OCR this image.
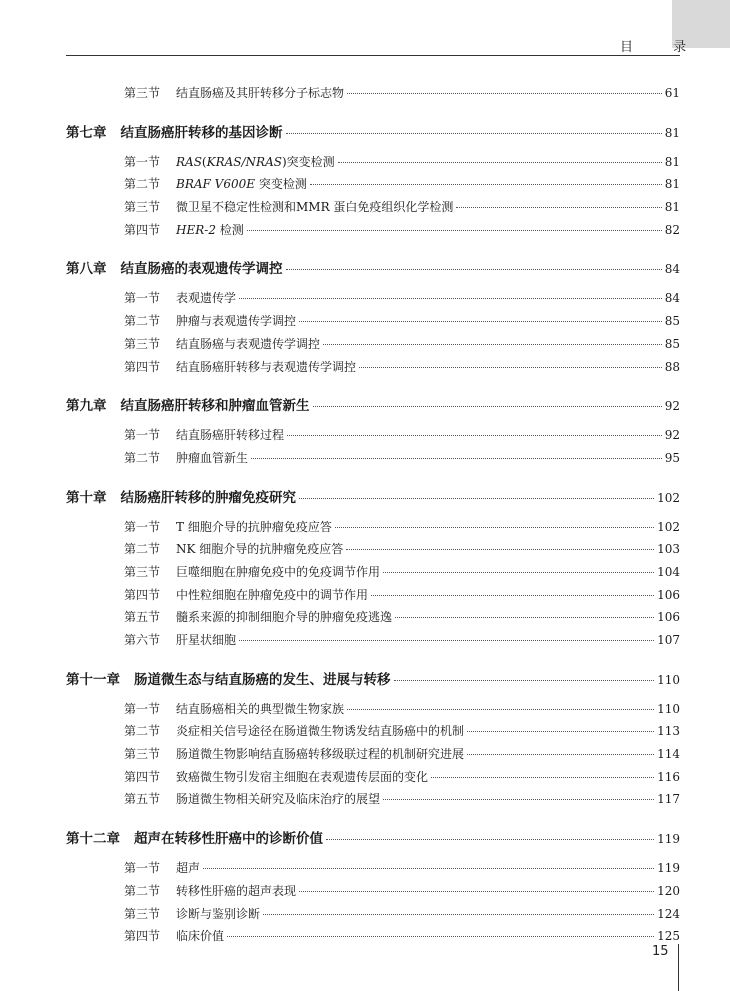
目 录
第三节	结直肠癌及其肝转移分子标志物	61
第七章 结直肠癌肝转移的基因诊断	81
第一节	RAS(KRAS/NRAS)突变检测	81
第二节	BRAF V600E 突变检测	81
第三节	微卫星不稳定性检测和MMR 蛋白免疫组织化学检测	81
第四节	HER-2 检测	82
第八章 结直肠癌的表观遗传学调控	84
第一节	表观遗传学	84
第二节	肿瘤与表观遗传学调控	85
第三节	结直肠癌与表观遗传学调控	85
第四节	结直肠癌肝转移与表观遗传学调控	88
第九章 结直肠癌肝转移和肿瘤血管新生	92
第一节	结直肠癌肝转移过程	92
第二节	肿瘤血管新生	95
第十章 结肠癌肝转移的肿瘤免疫研究	102
第一节	T 细胞介导的抗肿瘤免疫应答	102
第二节	NK 细胞介导的抗肿瘤免疫应答	103
第三节	巨噬细胞在肿瘤免疫中的免疫调节作用	104
第四节	中性粒细胞在肿瘤免疫中的调节作用	106
第五节	髓系来源的抑制细胞介导的肿瘤免疫逃逸	106
第六节	肝星状细胞	107
第十一章 肠道微生态与结直肠癌的发生、进展与转移	110
第一节	结直肠癌相关的典型微生物家族	110
第二节	炎症相关信号途径在肠道微生物诱发结直肠癌中的机制	113
第三节	肠道微生物影响结直肠癌转移级联过程的机制研究进展	114
第四节	致癌微生物引发宿主细胞在表观遗传层面的变化	116
第五节	肠道微生物相关研究及临床治疗的展望	117
第十二章 超声在转移性肝癌中的诊断价值	119
第一节	超声	119
第二节	转移性肝癌的超声表现	120
第三节	诊断与鉴别诊断	124
第四节	临床价值	125
15
